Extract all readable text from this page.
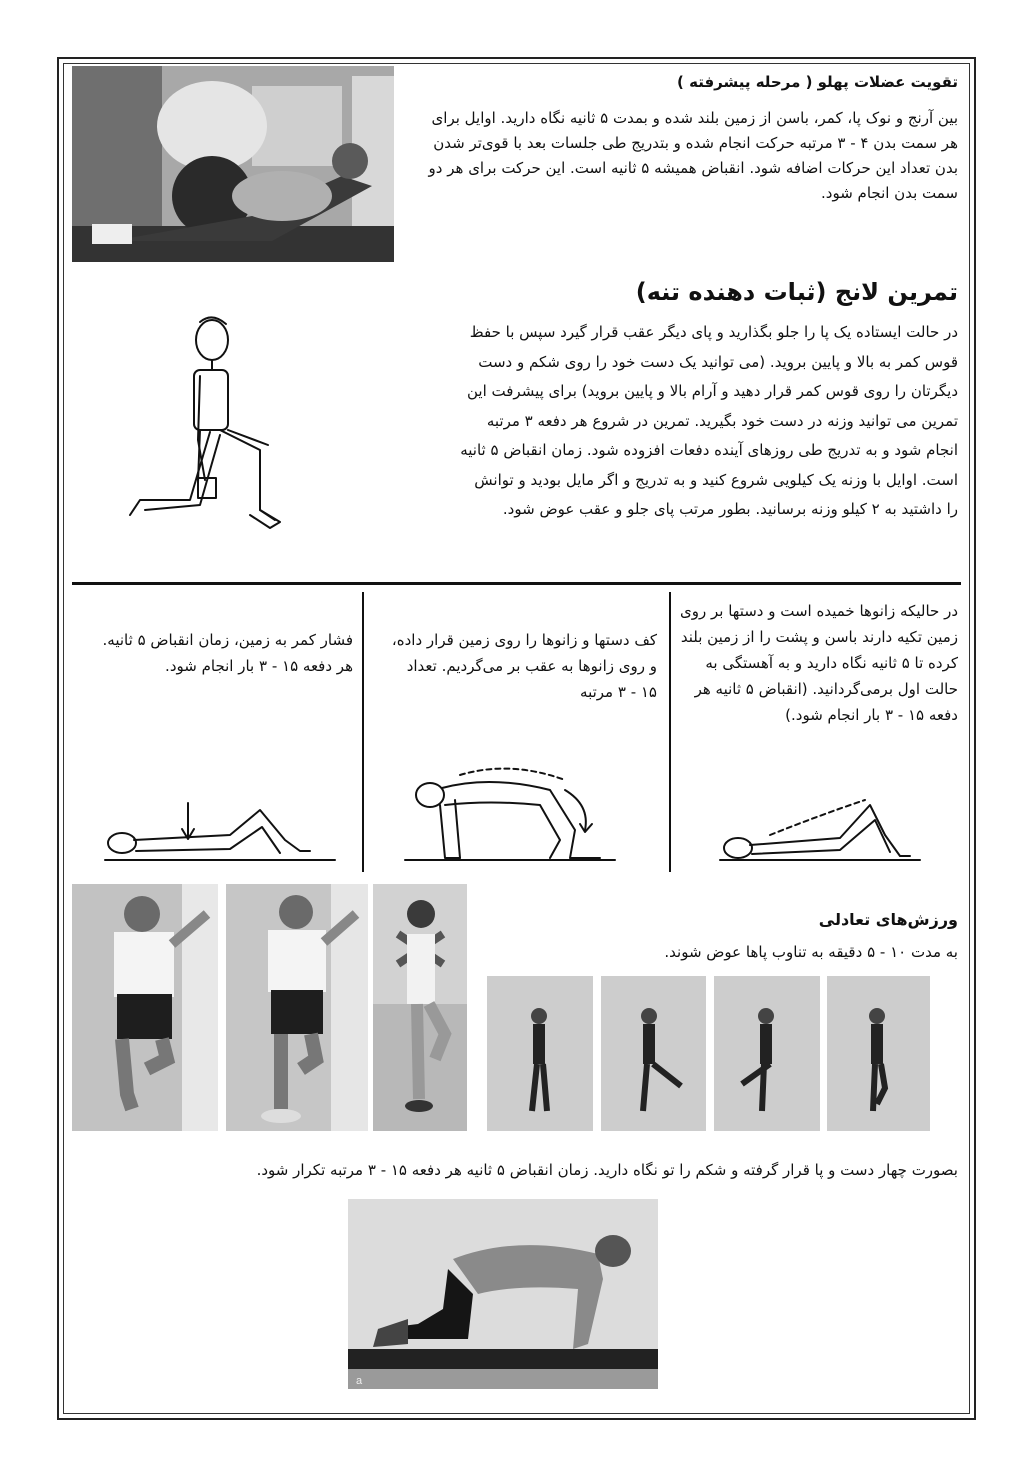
تقویت عضلات پهلو ( مرحله پیشرفته )
بین آرنج و نوک پا، کمر، باسن از زمین بلند شده و بمدت ۵ ثانیه نگاه دارید. اوایل برای
هر سمت بدن ۴ - ۳ مرتبه حرکت انجام شده و بتدریج طی جلسات بعد با قوی‌تر شدن
بدن تعداد این حرکات اضافه شود. انقباض همیشه ۵ ثانیه است. این حرکت برای هر دو
سمت بدن انجام شود.
تمرین لانج (ثبات دهنده تنه)
در حالت ایستاده یک پا را جلو بگذارید و پای دیگر عقب قرار گیرد سپس با حفظ
قوس کمر به بالا و پایین بروید. (می توانید یک دست خود را روی شکم و دست
دیگرتان را روی قوس کمر قرار دهید و آرام بالا و پایین بروید) برای پیشرفت این
تمرین می توانید وزنه در دست خود بگیرید. تمرین در شروع هر دفعه ۳ مرتبه
انجام شود و به تدریج طی روزهای آینده دفعات افزوده شود. زمان انقباض ۵ ثانیه
است. اوایل با وزنه یک کیلویی شروع کنید و به تدریج و اگر مایل بودید و توانش
را داشتید به ۲ کیلو وزنه برسانید. بطور مرتب پای جلو و عقب عوض شود.
در حالیکه زانوها خمیده است و دستها بر روی
زمین تکیه دارند باسن و پشت را از زمین بلند
کرده تا ۵ ثانیه نگاه دارید و به آهستگی به
حالت اول برمی‌گردانید. (انقباض ۵ ثانیه هر
دفعه ۱۵ - ۳ بار انجام شود.)
کف دستها و زانوها را روی زمین قرار داده،
و روی زانوها به عقب بر می‌گردیم. تعداد
۱۵ - ۳ مرتبه
فشار کمر به زمین، زمان انقباض ۵ ثانیه.
هر دفعه ۱۵ - ۳ بار انجام شود.
ورزش‌های تعادلی
به مدت ۱۰ - ۵ دقیقه به تناوب پاها عوض شوند.
بصورت چهار دست و پا قرار گرفته و شکم را تو نگاه دارید. زمان انقباض ۵ ثانیه هر دفعه ۱۵ - ۳ مرتبه تکرار شود.
a
